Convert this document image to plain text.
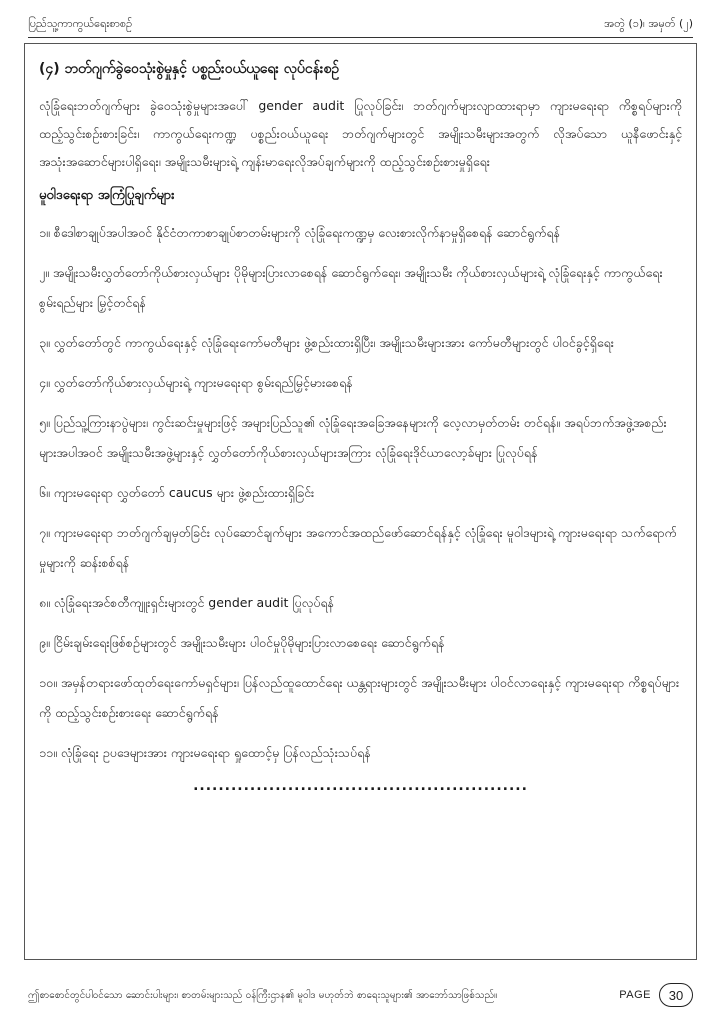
ပြည်သူ့ကာကွယ်ရေးစာစဉ်	အတွဲ (၁)၊ အမှတ် (၂)
(၄) ဘတ်ဂျက်ခွဲဝေသုံးစွဲမှုနှင့် ပစ္စည်းဝယ်ယူရေး လုပ်ငန်းစဉ်

လုံခြုံရေးဘတ်ဂျက်များ ခွဲဝေသုံးစွဲမှုများအပေါ် gender audit ပြုလုပ်ခြင်း၊ ဘတ်ဂျက်များလျာထားရာမှာ ကျားမရေးရာ ကိစ္စရပ်များကို ထည့်သွင်းစဉ်းစားခြင်း၊ ကာကွယ်ရေးကဏ္ဍ ပစ္စည်းဝယ်ယူရေး ဘတ်ဂျက်များတွင် အမျိုးသမီးများအတွက် လိုအပ်သော ယူနီဖောင်းနှင့် အသုံးအဆောင်များပါရှိရေး၊ အမျိုးသမီးများရဲ့ ကျန်းမာရေးလိုအပ်ချက်များကို ထည့်သွင်းစဉ်းစားမှုရှိရေး

မူဝါဒရေးရာ အကြံပြုချက်များ

၁။ စီဒေါစာချုပ်အပါအဝင် နိုင်ငံတကာစာချုပ်စာတမ်းများကို လုံခြုံရေးကဏ္ဍမှ လေးစားလိုက်နာမှုရှိစေရန် ဆောင်ရွက်ရန်

၂။ အမျိုးသမီးလွှတ်တော်ကိုယ်စားလှယ်များ ပိုမိုများပြားလာစေရန် ဆောင်ရွက်ရေး၊ အမျိုးသမီး ကိုယ်စားလှယ်များရဲ့ လုံခြုံရေးနှင့် ကာကွယ်ရေး စွမ်းရည်များ မြှင့်တင်ရန်

၃။ လွှတ်တော်တွင် ကာကွယ်ရေးနှင့် လုံခြုံရေးကော်မတီများ ဖွဲ့စည်းထားရှိပြီး၊ အမျိုးသမီးများအား ကော်မတီများတွင် ပါဝင်ခွင့်ရှိရေး

၄။ လွှတ်တော်ကိုယ်စားလှယ်များရဲ့ ကျားမရေးရာ စွမ်းရည်မြှင့်မားစေရန်

၅။ ပြည်သူ့ကြားနာပွဲများ၊ ကွင်းဆင်းမှုများဖြင့် အများပြည်သူ၏ လုံခြုံရေးအခြေအနေများကို လေ့လာမှတ်တမ်း တင်ရန်။ အရပ်ဘက်အဖွဲ့အစည်းများအပါအဝင် အမျိုးသမီးအဖွဲ့များနှင့် လွှတ်တော်ကိုယ်စားလှယ်များအကြား လုံခြုံရေးဒိုင်ယာလော့ခ်များ ပြုလုပ်ရန်

၆။ ကျားမရေးရာ လွှတ်တော် caucus များ ဖွဲ့စည်းထားရှိခြင်း

၇။ ကျားမရေးရာ ဘတ်ဂျက်ချမှတ်ခြင်း လုပ်ဆောင်ချက်များ အကောင်အထည်ဖော်ဆောင်ရန်နှင့် လုံခြုံရေး မူဝါဒများရဲ့ ကျားမရေးရာ သက်ရောက်မှုများကို ဆန်းစစ်ရန်

၈။ လုံခြုံရေးအင်စတီကျူးရှင်းများတွင် gender audit ပြုလုပ်ရန်

၉။ ငြိမ်းချမ်းရေးဖြစ်စဉ်များတွင် အမျိုးသမီးများ ပါဝင်မှုပိုမိုများပြားလာစေရေး ဆောင်ရွက်ရန်

၁၀။ အမှန်တရားဖော်ထုတ်ရေးကော်မရှင်များ၊ ပြန်လည်ထူထောင်ရေး ယန္တရားများတွင် အမျိုးသမီးများ ပါဝင်လာရေးနှင့် ကျားမရေးရာ ကိစ္စရပ်များကို ထည့်သွင်းစဉ်းစားရေး ဆောင်ရွက်ရန်

၁၁။ လုံခြုံရေး ဥပဒေများအား ကျားမရေးရာ ရှုထောင့်မှ ပြန်လည်သုံးသပ်ရန်

.....................................................
ဤစာစောင်တွင်ပါဝင်သော ဆောင်းပါးများ၊ စာတမ်းများသည် ဝန်ကြီးဌာန၏ မူဝါဒ မဟုတ်ဘဲ စာရေးသူများ၏ အာဘော်သာဖြစ်သည်။	PAGE	30
